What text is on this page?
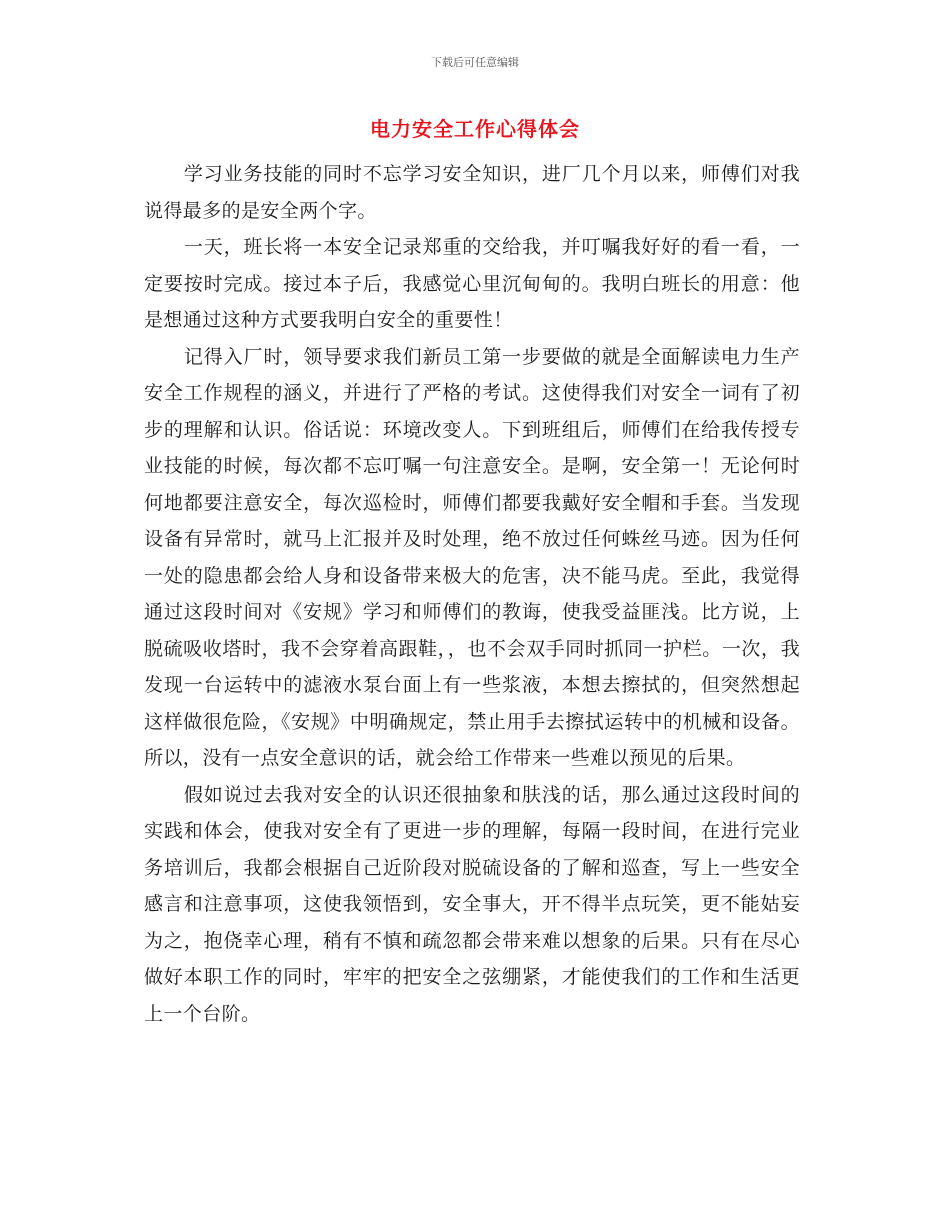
下载后可任意编辑
电力安全工作心得体会

学习业务技能的同时不忘学习安全知识，进厂几个月以来，师傅们对我说得最多的是安全两个字。

一天，班长将一本安全记录郑重的交给我，并叮嘱我好好的看一看，一定要按时完成。接过本子后，我感觉心里沉甸甸的。我明白班长的用意：他是想通过这种方式要我明白安全的重要性！

记得入厂时，领导要求我们新员工第一步要做的就是全面解读电力生产安全工作规程的涵义，并进行了严格的考试。这使得我们对安全一词有了初步的理解和认识。俗话说：环境改变人。下到班组后，师傅们在给我传授专业技能的时候，每次都不忘叮嘱一句注意安全。是啊，安全第一！无论何时何地都要注意安全，每次巡检时，师傅们都要我戴好安全帽和手套。当发现设备有异常时，就马上汇报并及时处理，绝不放过任何蛛丝马迹。因为任何一处的隐患都会给人身和设备带来极大的危害，决不能马虎。至此，我觉得通过这段时间对《安规》学习和师傅们的教诲，使我受益匪浅。比方说，上脱硫吸收塔时，我不会穿着高跟鞋，，也不会双手同时抓同一护栏。一次，我发现一台运转中的滤液水泵台面上有一些浆液，本想去擦拭的，但突然想起这样做很危险，《安规》中明确规定，禁止用手去擦拭运转中的机械和设备。所以，没有一点安全意识的话，就会给工作带来一些难以预见的后果。

假如说过去我对安全的认识还很抽象和肤浅的话，那么通过这段时间的实践和体会，使我对安全有了更进一步的理解，每隔一段时间，在进行完业务培训后，我都会根据自己近阶段对脱硫设备的了解和巡查，写上一些安全感言和注意事项，这使我领悟到，安全事大，开不得半点玩笑，更不能姑妄为之，抱侥幸心理，稍有不慎和疏忽都会带来难以想象的后果。只有在尽心做好本职工作的同时，牢牢的把安全之弦绷紧，才能使我们的工作和生活更上一个台阶。
